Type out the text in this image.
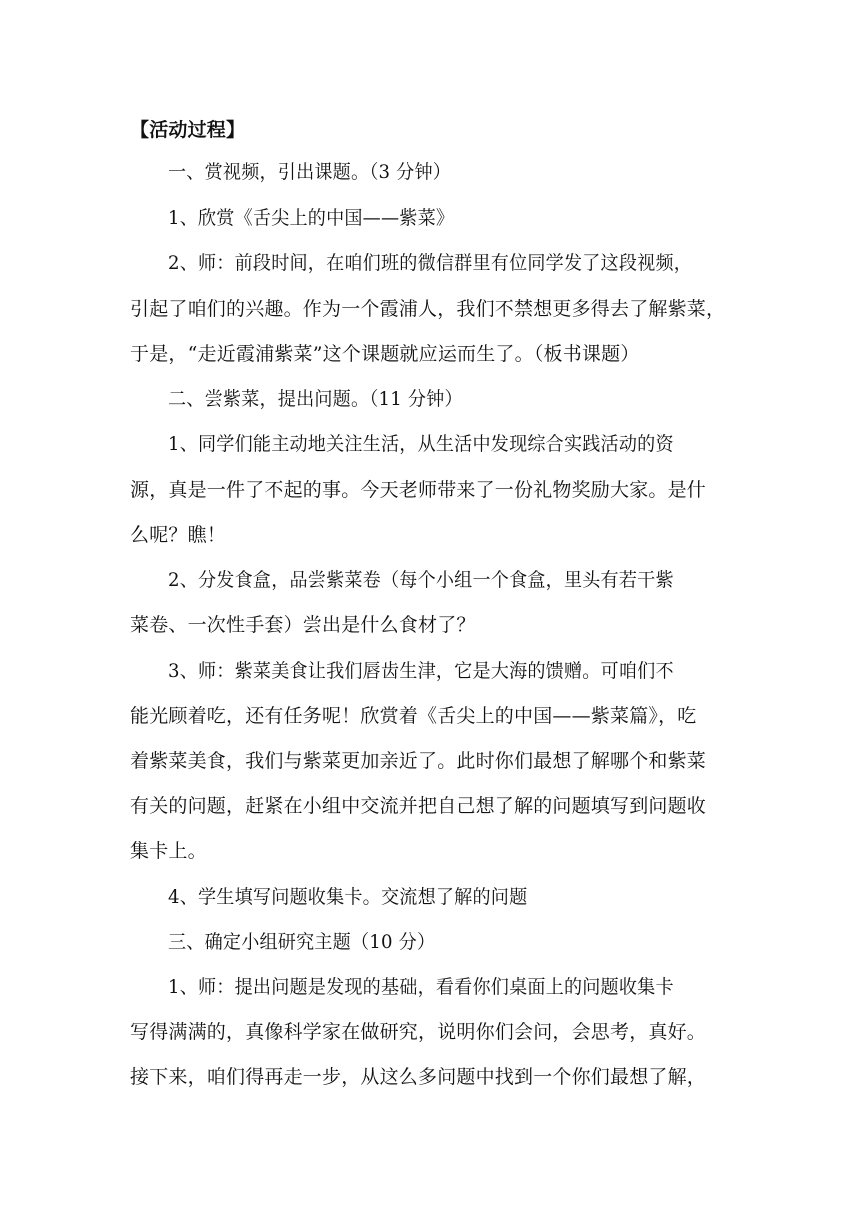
【活动过程】
一、赏视频，引出课题。（3 分钟）
1、欣赏《舌尖上的中国——紫菜》
2、师：前段时间，在咱们班的微信群里有位同学发了这段视频，
引起了咱们的兴趣。作为一个霞浦人，我们不禁想更多得去了解紫菜，
于是，“走近霞浦紫菜”这个课题就应运而生了。（板书课题）
二、尝紫菜，提出问题。（11 分钟）
1、同学们能主动地关注生活，从生活中发现综合实践活动的资
源，真是一件了不起的事。今天老师带来了一份礼物奖励大家。是什
么呢？瞧！
2、分发食盒，品尝紫菜卷（每个小组一个食盒，里头有若干紫
菜卷、一次性手套）尝出是什么食材了？
3、师：紫菜美食让我们唇齿生津，它是大海的馈赠。可咱们不
能光顾着吃，还有任务呢！欣赏着《舌尖上的中国——紫菜篇》，吃
着紫菜美食，我们与紫菜更加亲近了。此时你们最想了解哪个和紫菜
有关的问题，赶紧在小组中交流并把自己想了解的问题填写到问题收
集卡上。
4、学生填写问题收集卡。交流想了解的问题
三、确定小组研究主题（10 分）
1、师：提出问题是发现的基础，看看你们桌面上的问题收集卡
写得满满的，真像科学家在做研究，说明你们会问，会思考，真好。
接下来，咱们得再走一步，从这么多问题中找到一个你们最想了解，
